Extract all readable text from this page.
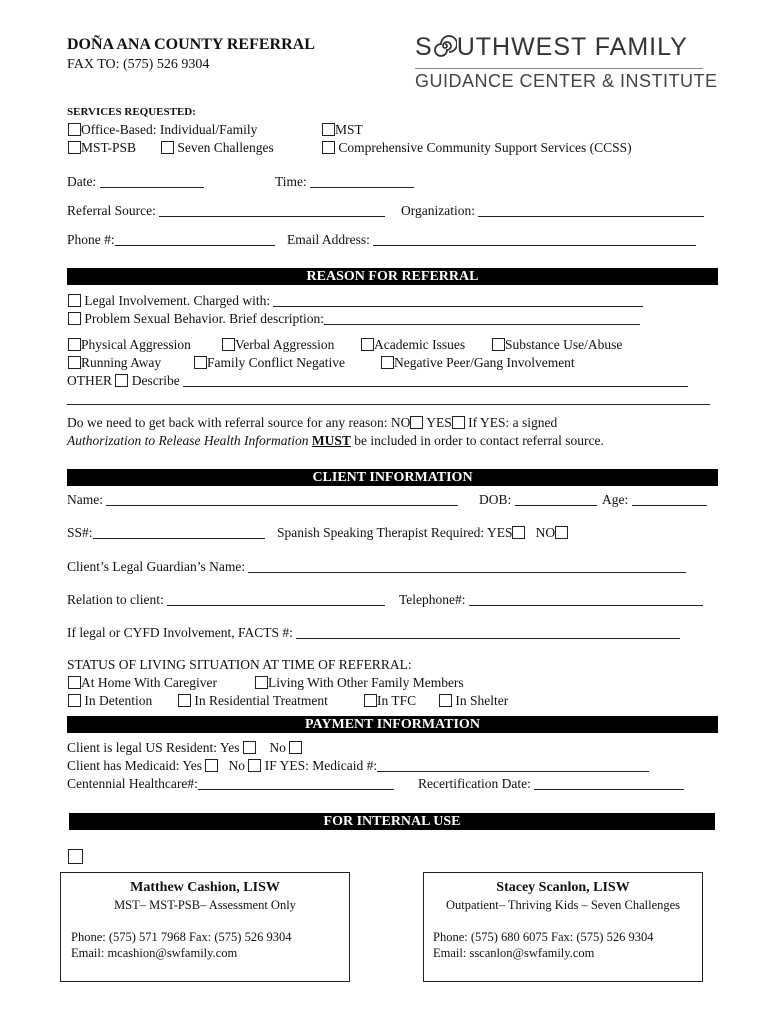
DOÑA ANA COUNTY REFERRAL
FAX TO: (575) 526 9304
S UTHWEST FAMILY
GUIDANCE CENTER & INSTITUTE
SERVICES REQUESTED:
Office-Based: Individual/Family	MST
MST-PSB	Seven Challenges	Comprehensive Community Support Services (CCSS)
Date:	Time:
Referral Source:	Organization:
Phone #:	Email Address:
REASON FOR REFERRAL
Legal Involvement. Charged with:
Problem Sexual Behavior. Brief description:
Physical Aggression	Verbal Aggression	Academic Issues	Substance Use/Abuse
Running Away	Family Conflict Negative	Negative Peer/Gang Involvement
OTHER Describe
Do we need to get back with referral source for any reason: NO YES If YES: a signed
Authorization to Release Health Information MUST be included in order to contact referral source.
CLIENT INFORMATION
Name:	DOB:	Age:
SS#:	Spanish Speaking Therapist Required: YES NO
Client’s Legal Guardian’s Name:
Relation to client:	Telephone#:
If legal or CYFD Involvement, FACTS #:
STATUS OF LIVING SITUATION AT TIME OF REFERRAL:
At Home With Caregiver	Living With Other Family Members
In Detention	In Residential Treatment	In TFC	In Shelter
PAYMENT INFORMATION
Client is legal US Resident: Yes No
Client has Medicaid: Yes No IF YES: Medicaid #:
Centennial Healthcare#:	Recertification Date:
FOR INTERNAL USE
Matthew Cashion, LISW
MST– MST-PSB– Assessment Only
Phone: (575) 571 7968 Fax: (575) 526 9304
Email: mcashion@swfamily.com
Stacey Scanlon, LISW
Outpatient– Thriving Kids – Seven Challenges
Phone: (575) 680 6075 Fax: (575) 526 9304
Email: sscanlon@swfamily.com
